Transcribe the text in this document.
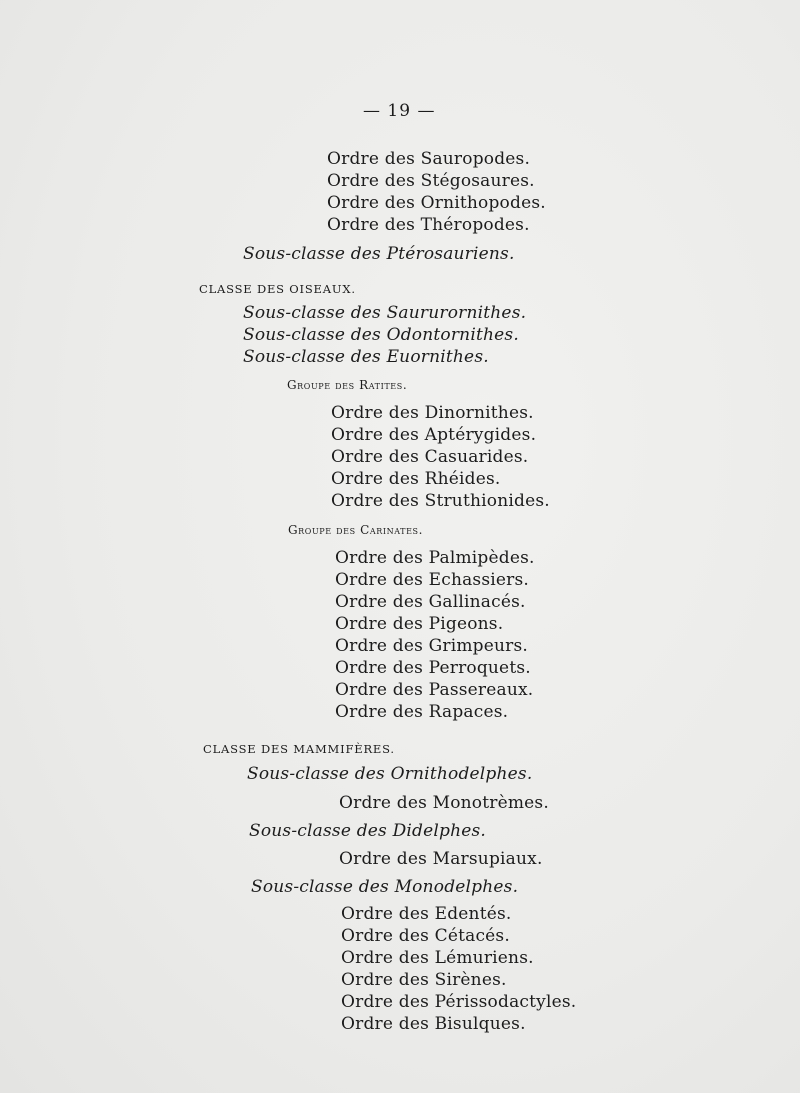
— 19 —
Ordre des Sauropodes.
Ordre des Stégosaures.
Ordre des Ornithopodes.
Ordre des Théropodes.
Sous-classe des Ptérosauriens.
CLASSE DES OISEAUX.
Sous-classe des Saururornithes.
Sous-classe des Odontornithes.
Sous-classe des Euornithes.
Groupe des Ratites.
Ordre des Dinornithes.
Ordre des Aptérygides.
Ordre des Casuarides.
Ordre des Rhéides.
Ordre des Struthionides.
Groupe des Carinates.
Ordre des Palmipèdes.
Ordre des Echassiers.
Ordre des Gallinacés.
Ordre des Pigeons.
Ordre des Grimpeurs.
Ordre des Perroquets.
Ordre des Passereaux.
Ordre des Rapaces.
CLASSE DES MAMMIFÈRES.
Sous-classe des Ornithodelphes.
Ordre des Monotrèmes.
Sous-classe des Didelphes.
Ordre des Marsupiaux.
Sous-classe des Monodelphes.
Ordre des Edentés.
Ordre des Cétacés.
Ordre des Lémuriens.
Ordre des Sirènes.
Ordre des Périssodactyles.
Ordre des Bisulques.
